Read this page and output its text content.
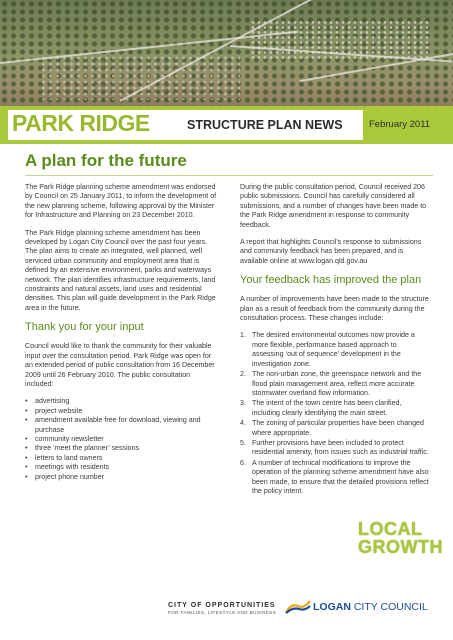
PARK RIDGE	STRUCTURE PLAN NEWS	February 2011
A plan for the future

The Park Ridge planning scheme amendment was endorsed by Council on 25 January 2011, to inform the development of the new planning scheme, following approval by the Minister for Infrastructure and Planning on 23 December 2010.

The Park Ridge planning scheme amendment has been developed by Logan City Council over the past four years. The plan aims to create an integrated, well planned, well serviced urban community and employment area that is defined by an extensive environment, parks and waterways network. The plan identifies infrastructure requirements, land constraints and natural assets, land uses and residential densities. This plan will guide development in the Park Ridge area in the future.

Thank you for your input

Council would like to thank the community for their valuable input over the consultation period. Park Ridge was open for an extended period of public consultation from 16 December 2009 until 26 February 2010. The public consultation included:

• advertising
• project website
• amendment available free for download, viewing and purchase
• community newsletter
• three ‘meet the planner’ sessions
• letters to land owners
• meetings with residents
• project phone number

During the public consultation period, Council received 206 public submissions. Council has carefully considered all submissions, and a number of changes have been made to the Park Ridge amendment in response to community feedback.

A report that highlights Council’s response to submissions and community feedback has been prepared, and is available online at www.logan.qld.gov.au

Your feedback has improved the plan

A number of improvements have been made to the structure plan as a result of feedback from the community during the consultation process. These changes include:

1. The desired environmental outcomes now provide a more flexible, performance based approach to assessing ‘out of sequence’ development in the investigation zone.
2. The non-urban zone, the greenspace network and the flood plain management area, reflect more accurate stormwater overland flow information.
3. The intent of the town centre has been clarified, including clearly identifying the main street.
4. The zoning of particular properties have been changed where appropriate.
5. Further provisions have been included to protect residential amenity, from issues such as industrial traffic.
6. A number of technical modifications to improve the operation of the planning scheme amendment have also been made, to ensure that the detailed provisions reflect the policy intent.
LOCAL
GROWTH
CITY OF OPPORTUNITIES
FOR FAMILIES, LIFESTYLE AND BUSINESS	LOGAN CITY COUNCIL
